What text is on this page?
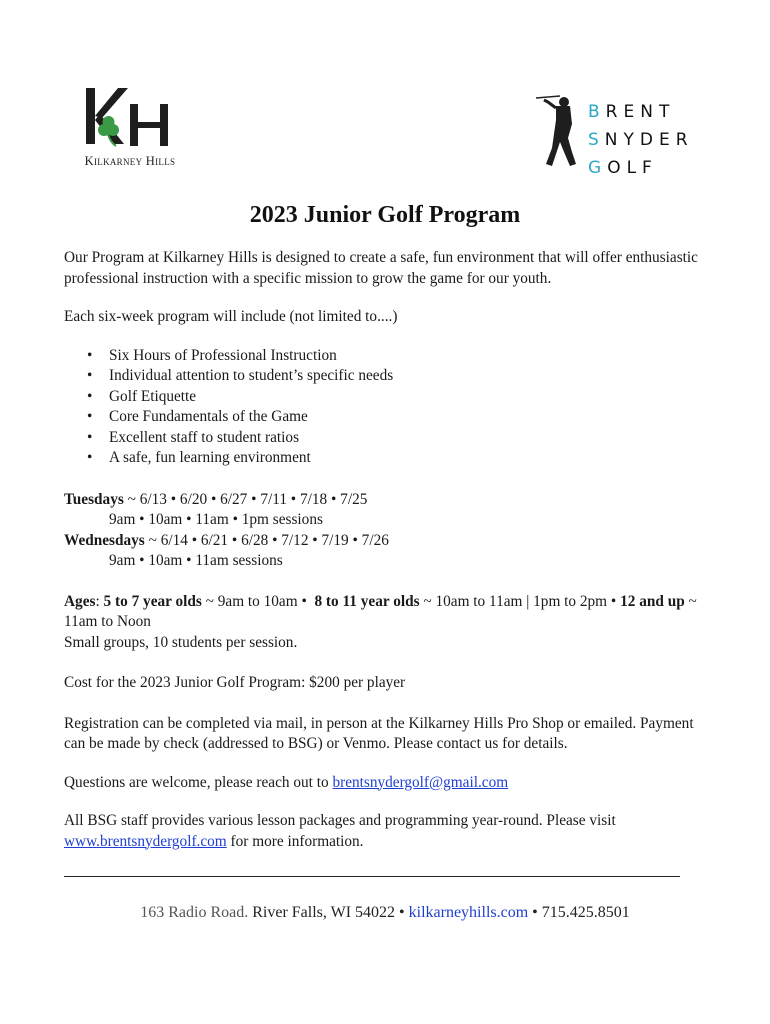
Kilkarney Hills
BRENT
SNYDER
GOLF
2023 Junior Golf Program

Our Program at Kilkarney Hills is designed to create a safe, fun environment that will offer enthusiastic professional instruction with a specific mission to grow the game for our youth.

Each six-week program will include (not limited to....)

• Six Hours of Professional Instruction
• Individual attention to student’s specific needs
• Golf Etiquette
• Core Fundamentals of the Game
• Excellent staff to student ratios
• A safe, fun learning environment
Tuesdays ~ 6/13 • 6/20 • 6/27 • 7/11 • 7/18 • 7/25
9am • 10am • 11am • 1pm sessions
Wednesdays ~ 6/14 • 6/21 • 6/28 • 7/12 • 7/19 • 7/26
9am • 10am • 11am sessions
Ages: 5 to 7 year olds ~ 9am to 10am •  8 to 11 year olds ~ 10am to 11am | 1pm to 2pm • 12 and up ~ 11am to Noon
Small groups, 10 students per session.

Cost for the 2023 Junior Golf Program: $200 per player

Registration can be completed via mail, in person at the Kilkarney Hills Pro Shop or emailed. Payment can be made by check (addressed to BSG) or Venmo. Please contact us for details.

Questions are welcome, please reach out to brentsnydergolf@gmail.com

All BSG staff provides various lesson packages and programming year-round. Please visit www.brentsnydergolf.com for more information.

163 Radio Road. River Falls, WI 54022 • kilkarneyhills.com • 715.425.8501
